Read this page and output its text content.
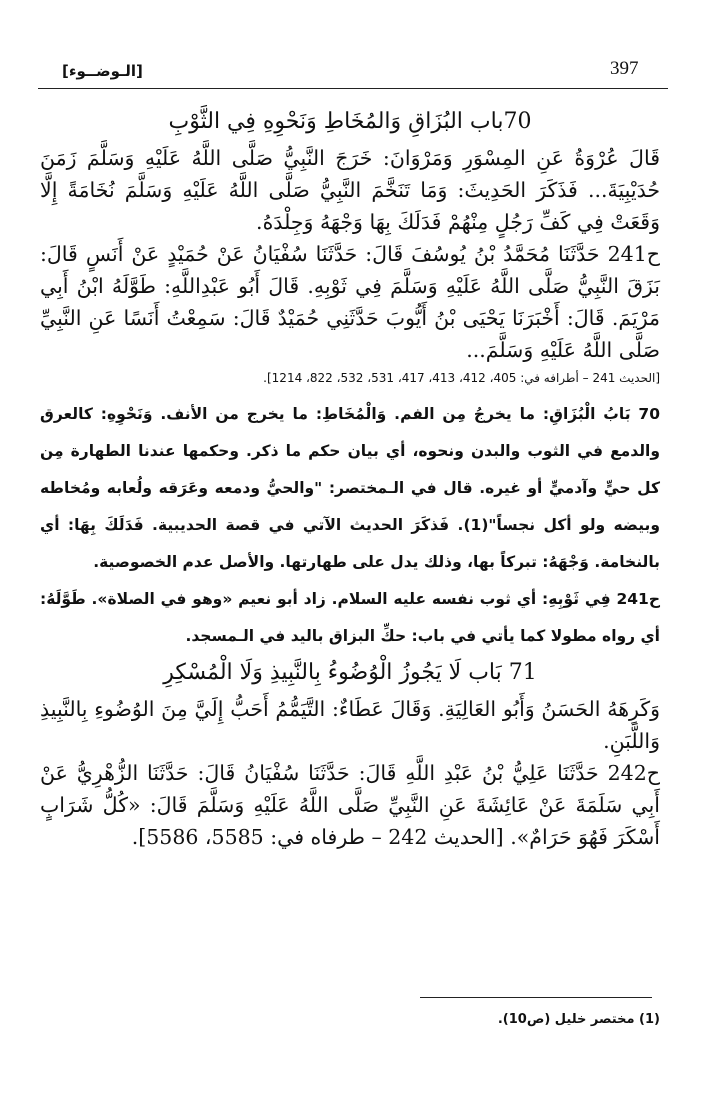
397
[الـوضــوء]
70باب البُزَاقِ وَالمُخَاطِ وَنَحْوِهِ فِي الثَّوْبِ

قَالَ عُرْوَةُ عَنِ المِسْوَرِ وَمَرْوَانَ: خَرَجَ النَّبِيُّ صَلَّى اللَّهُ عَلَيْهِ وَسَلَّمَ زَمَنَ حُدَيْبِيَةَ... فَذَكَرَ الحَدِيثَ: وَمَا تَنَخَّمَ النَّبِيُّ صَلَّى اللَّهُ عَلَيْهِ وَسَلَّمَ نُخَامَةً إِلَّا وَقَعَتْ فِي كَفِّ رَجُلٍ مِنْهُمْ فَدَلَكَ بِهَا وَجْهَهُ وَجِلْدَهُ.

ح241 حَدَّثَنَا مُحَمَّدُ بْنُ يُوسُفَ قَالَ: حَدَّثَنَا سُفْيَانُ عَنْ حُمَيْدٍ عَنْ أَنَسٍ قَالَ: بَزَقَ النَّبِيُّ صَلَّى اللَّهُ عَلَيْهِ وَسَلَّمَ فِي ثَوْبِهِ. قَالَ أَبُو عَبْدِاللَّهِ: طَوَّلَهُ ابْنُ أَبِي مَرْيَمَ. قَالَ: أَخْبَرَنَا يَحْيَى بْنُ أَيُّوبَ حَدَّثَنِي حُمَيْدٌ قَالَ: سَمِعْتُ أَنَسًا عَنِ النَّبِيِّ صَلَّى اللَّهُ عَلَيْهِ وَسَلَّمَ...

[الحديث 241 – أطرافه في: 405، 412، 413، 417، 531، 532، 822، 1214].

70 بَابُ الْبُزَاقِ: ما يخرجُ مِن الفم. وَالْمُخَاطِ: ما يخرج من الأنف. وَنَحْوِهِ: كالعرق والدمع في الثوب والبدن ونحوه، أي بيان حكم ما ذكر. وحكمها عندنا الطهارة مِن كل حيٍّ وآدميٍّ أو غيره. قال في الـمختصر: "والحيُّ ودمعه وعَرَقه ولُعابه ومُخاطه وبيضه ولو أكل نجساً"(1). فَذكَرَ الحديث الآتي في قصة الحديبية. فَدَلَكَ بِهَا: أي بالنخامة. وَجْهَهُ: تبركاً بها، وذلك يدل على طهارتها. والأصل عدم الخصوصية.

ح241 فِي ثَوْبِهِ: أي ثوب نفسه عليه السلام. زاد أبو نعيم «وهو في الصلاة». طَوَّلَهُ: أي رواه مطولا كما يأتي في باب: حكِّ البزاق باليد في الـمسجد.

71 بَاب لَا يَجُوزُ الْوُضُوءُ بِالنَّبِيذِ وَلَا الْمُسْكِرِ

وَكَرِهَهُ الحَسَنُ وَأَبُو العَالِيَةِ. وَقَالَ عَطَاءٌ: التَّيَمُّمُ أَحَبُّ إِلَيَّ مِنَ الوُضُوءِ بِالنَّبِيذِ وَاللَّبَنِ.

ح242 حَدَّثَنَا عَلِيُّ بْنُ عَبْدِ اللَّهِ قَالَ: حَدَّثَنَا سُفْيَانُ قَالَ: حَدَّثَنَا الزُّهْرِيُّ عَنْ أَبِي سَلَمَةَ عَنْ عَائِشَةَ عَنِ النَّبِيِّ صَلَّى اللَّهُ عَلَيْهِ وَسَلَّمَ قَالَ: «كُلُّ شَرَابٍ أَسْكَرَ فَهُوَ حَرَامٌ». [الحديث 242 – طرفاه في: 5585، 5586].

(1) مختصر خليل (ص10).
